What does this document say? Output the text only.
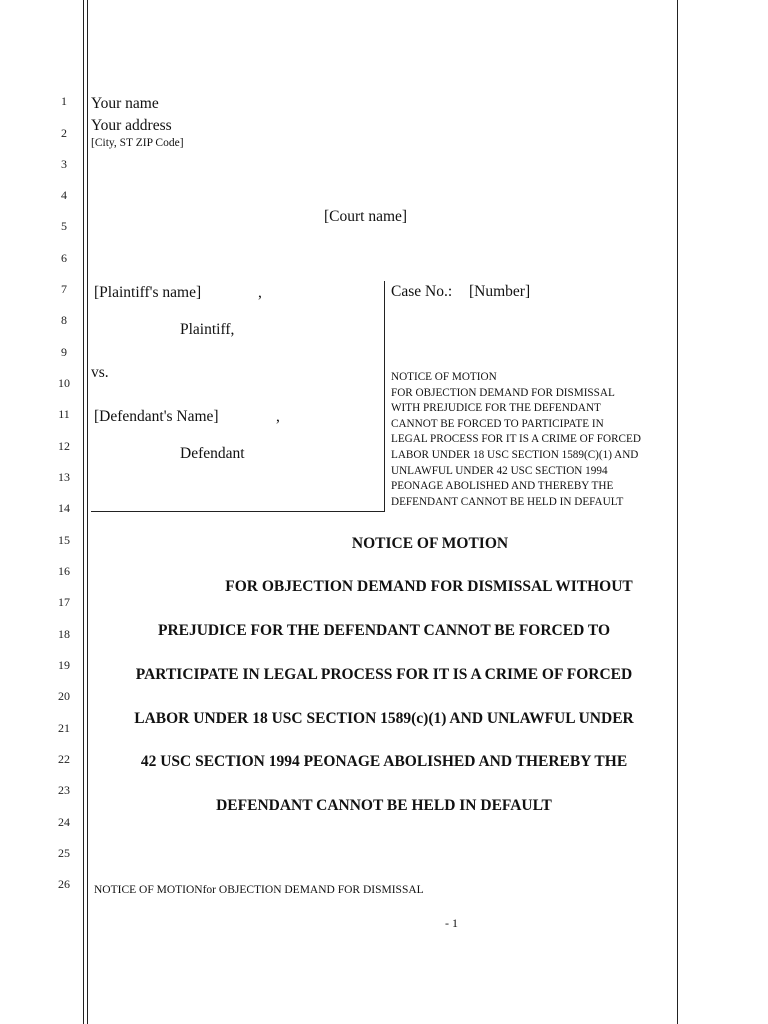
1
2
3
4
5
6
7
8
9
10
11
12
13
14
15
16
17
18
19
20
21
22
23
24
25
26
Your name
Your address
[City, ST ZIP Code]
[Court name]
[Plaintiff's name]	,
Plaintiff,
vs.
[Defendant's Name]	,
Defendant
Case No.: [Number]
NOTICE OF MOTION
FOR OBJECTION DEMAND FOR DISMISSAL
WITH PREJUDICE FOR THE DEFENDANT
CANNOT BE FORCED TO PARTICIPATE IN
LEGAL PROCESS FOR IT IS A CRIME OF FORCED
LABOR UNDER 18 USC SECTION 1589(C)(1) AND
UNLAWFUL UNDER 42 USC SECTION 1994
PEONAGE ABOLISHED AND THEREBY THE
DEFENDANT CANNOT BE HELD IN DEFAULT
NOTICE OF MOTION
FOR OBJECTION DEMAND FOR DISMISSAL WITHOUT
PREJUDICE FOR THE DEFENDANT CANNOT BE FORCED TO
PARTICIPATE IN LEGAL PROCESS FOR IT IS A CRIME OF FORCED
LABOR UNDER 18 USC SECTION 1589(c)(1) AND UNLAWFUL UNDER
42 USC SECTION 1994 PEONAGE ABOLISHED AND THEREBY THE
DEFENDANT CANNOT BE HELD IN DEFAULT
NOTICE OF MOTIONfor OBJECTION DEMAND FOR DISMISSAL
- 1
